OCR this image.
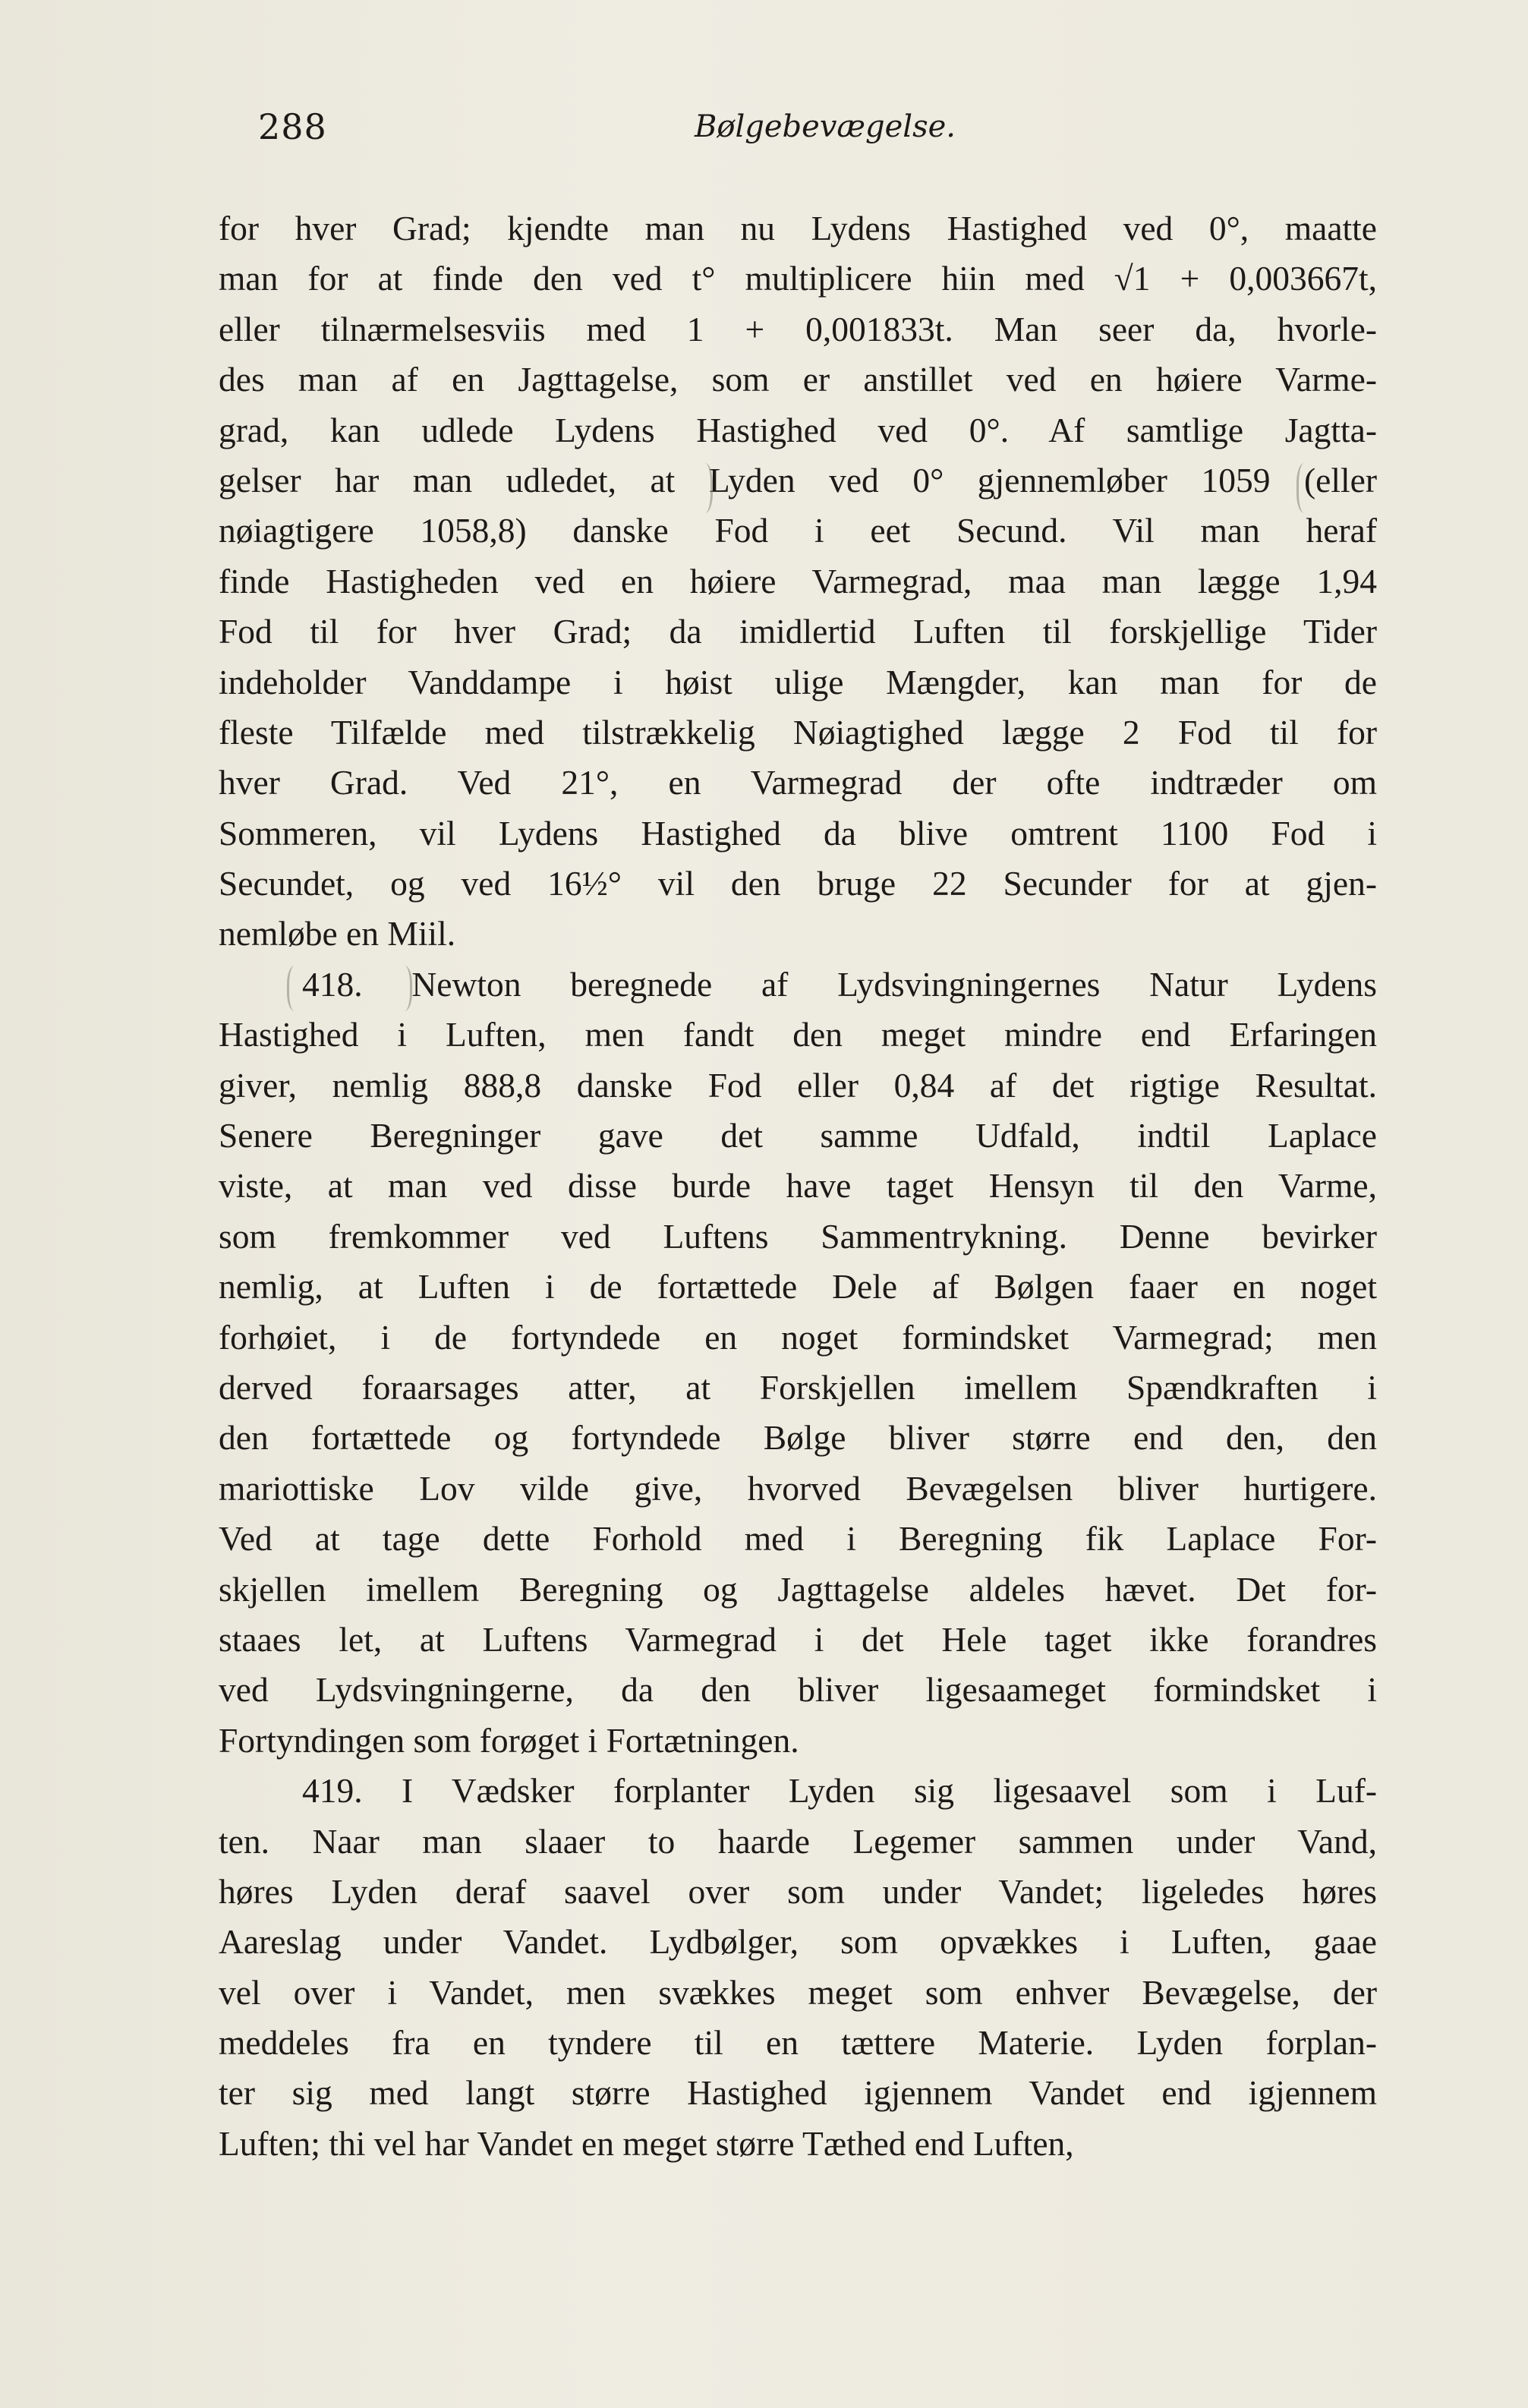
288	Bølgebevægelse.
for hver Grad; kjendte man nu Lydens Hastighed ved 0°, maatte
man for at finde den ved t° multiplicere hiin med √1 + 0,003667t,
eller tilnærmelsesviis med 1 + 0,001833t. Man seer da, hvorle-
des man af en Jagttagelse, som er anstillet ved en høiere Varme-
grad, kan udlede Lydens Hastighed ved 0°. Af samtlige Jagtta-
gelser har man udledet, at Lyden ved 0° gjennemløber 1059 (eller
nøiagtigere 1058,8) danske Fod i eet Secund. Vil man heraf
finde Hastigheden ved en høiere Varmegrad, maa man lægge 1,94
Fod til for hver Grad; da imidlertid Luften til forskjellige Tider
indeholder Vanddampe i høist ulige Mængder, kan man for de
fleste Tilfælde med tilstrækkelig Nøiagtighed lægge 2 Fod til for
hver Grad. Ved 21°, en Varmegrad der ofte indtræder om
Sommeren, vil Lydens Hastighed da blive omtrent 1100 Fod i
Secundet, og ved 16½° vil den bruge 22 Secunder for at gjen-
nemløbe en Miil.
418. Newton beregnede af Lydsvingningernes Natur Lydens
Hastighed i Luften, men fandt den meget mindre end Erfaringen
giver, nemlig 888,8 danske Fod eller 0,84 af det rigtige Resultat.
Senere Beregninger gave det samme Udfald, indtil Laplace
viste, at man ved disse burde have taget Hensyn til den Varme,
som fremkommer ved Luftens Sammentrykning. Denne bevirker
nemlig, at Luften i de fortættede Dele af Bølgen faaer en noget
forhøiet, i de fortyndede en noget formindsket Varmegrad; men
derved foraarsages atter, at Forskjellen imellem Spændkraften i
den fortættede og fortyndede Bølge bliver større end den, den
mariottiske Lov vilde give, hvorved Bevægelsen bliver hurtigere.
Ved at tage dette Forhold med i Beregning fik Laplace For-
skjellen imellem Beregning og Jagttagelse aldeles hævet. Det for-
staaes let, at Luftens Varmegrad i det Hele taget ikke forandres
ved Lydsvingningerne, da den bliver ligesaameget formindsket i
Fortyndingen som forøget i Fortætningen.
419. I Vædsker forplanter Lyden sig ligesaavel som i Luf-
ten. Naar man slaaer to haarde Legemer sammen under Vand,
høres Lyden deraf saavel over som under Vandet; ligeledes høres
Aareslag under Vandet. Lydbølger, som opvækkes i Luften, gaae
vel over i Vandet, men svækkes meget som enhver Bevægelse, der
meddeles fra en tyndere til en tættere Materie. Lyden forplan-
ter sig med langt større Hastighed igjennem Vandet end igjennem
Luften; thi vel har Vandet en meget større Tæthed end Luften,
